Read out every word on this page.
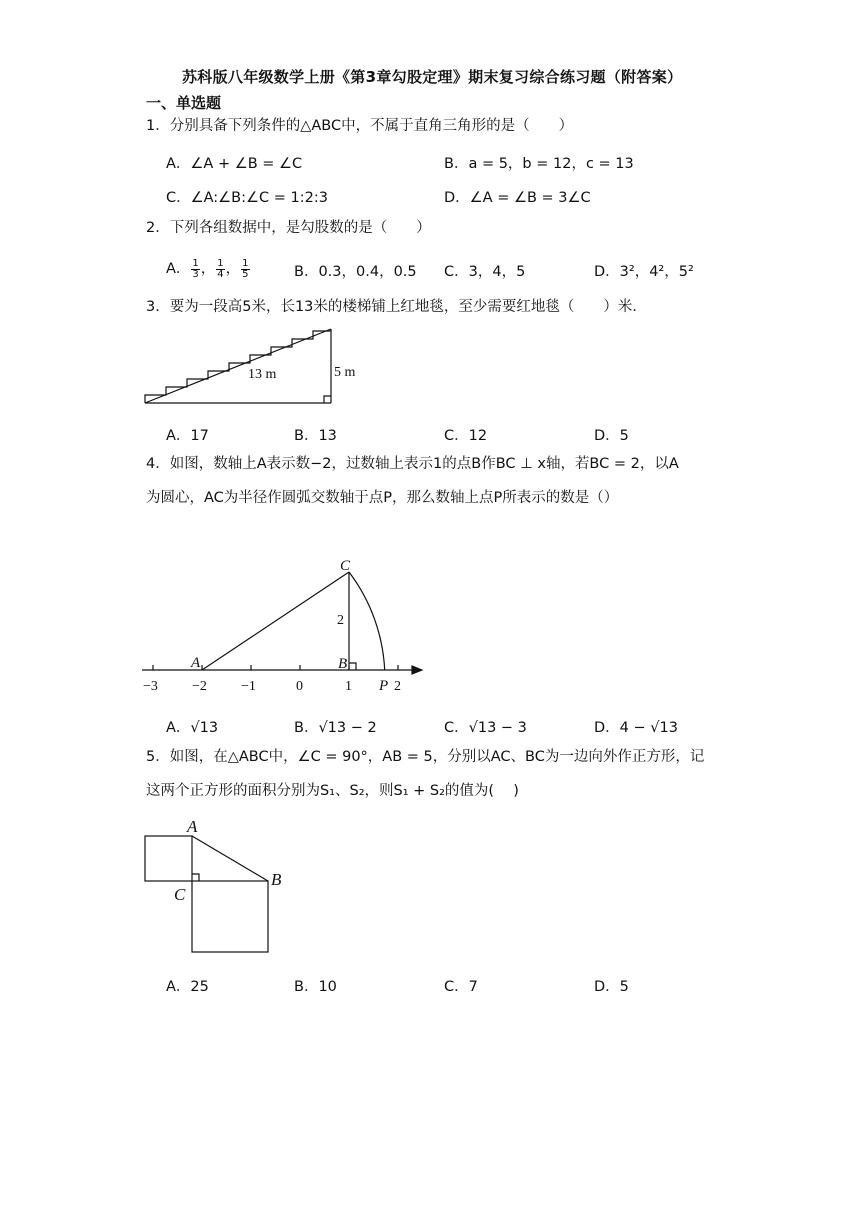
苏科版八年级数学上册《第3章勾股定理》期末复习综合练习题（附答案）
一、单选题
1．分别具备下列条件的△ABC中，不属于直角三角形的是（　　）
A．∠A + ∠B = ∠C	B．a = 5，b = 12，c = 13
C．∠A:∠B:∠C = 1:2:3	D．∠A = ∠B = 3∠C
2．下列各组数据中，是勾股数的是（　　）
A． $\frac{1}{3}$ ， $\frac{1}{4}$ ， $\frac{1}{5}$	B．0.3，0.4，0.5 C．3，4，5	D．3²，4²，5²
3．要为一段高5米，长13米的楼梯铺上红地毯，至少需要红地毯（　　）米．
13 m	5 m
A．17	B．13	C．12	D．5
4．如图，数轴上A表示数−2，过数轴上表示1的点B作BC ⊥ x轴，若BC = 2，以A
为圆心，AC为半径作圆弧交数轴于点P，那么数轴上点P所表示的数是（）
C
A	B
P
2
−3 −2 −1	0	1	2
A．√13	B．√13 − 2	C．√13 − 3	D．4 − √13
5．如图，在△ABC中，∠C = 90°，AB = 5，分别以AC、BC为一边向外作正方形，记
这两个正方形的面积分别为S₁、S₂，则S₁ + S₂的值为(　 )
A
B
C
A．25	B．10	C．7	D．5
